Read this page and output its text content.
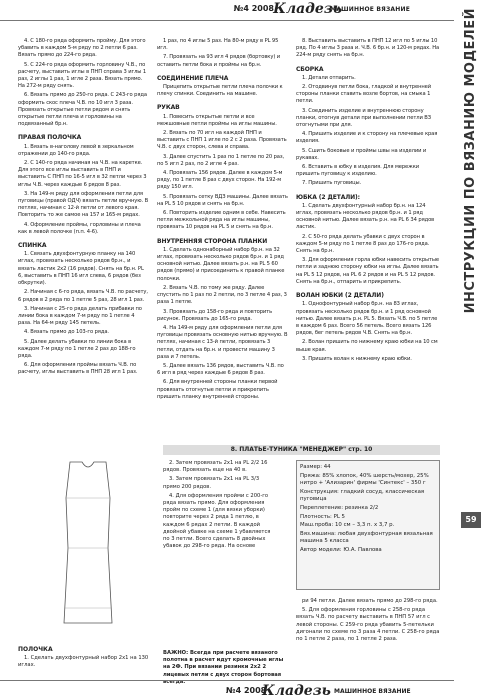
№4 2008 Кладезь
МАШИННОЕ ВЯЗАНИЕ	ИНСТРУКЦИИ ПО ВЯЗАНИЮ МОДЕЛЕЙ
59

4. С 180-го ряда оформить пройму. Для этого убавить в каждом 5-м ряду по 2 петли 6 раз. Вязать прямо до 224-го ряда.

5. С 224-го ряда оформить горловину Ч.В., по расчету, выставить иглы в ПНП справа 3 иглы 1 раз, 2 иглы 1 раз, 1 игле 2 раза. Вязать прямо. На 272-м ряду снять.

6. Вязать прямо до 250-го ряда. С 243-го ряда оформить скос плеча Ч.В. по 10 игл 3 раза. Провязать открытые петли рядом и снять открытые петли плеча и горловины на подвязанный бр.н.

ПРАВАЯ ПОЛОЧКА

1. Вязать в-наголову левой в зеркальном отражении до 140-го ряда.

2. С 140-го ряда начиная на Ч.В. на каретке. Для этого все иглы выставить в ПНП и выставить С ПНП по 16-5 игл в 32 петли через 3 иглы Ч.В. через каждые 6 рядов 8 раз.

3. На 149-м ряду для оформления петли для пуговицы (правой ОДЧ) вязать петли вручную. В петлях, начиная с 12-й петли от левого края. Повторить то же самое на 157 и 165-м рядах.

4. Оформление проймы, горловины и плеча как в левой полочке (п.п. 4-6).

СПИНКА

1. Связать двухфонтурную планку на 140 иглах, провязать несколько рядов бр.н., и вязать ластик 2x2 (16 рядов). Снять на бр.н. РL 6, выставить в ПНП 16 игл слева, 6 рядов (без обкрутки).

2. Начиная с 6-го ряда, вязать Ч.В. по расчету, 6 рядов в 2 ряда по 1 петле 5 раз, 28 игл 1 раз.

3. Начиная с 25-го ряда делать прибавки по линии бока в каждом 7-м ряду по 1 петле 4 раза. На 64-м ряду 145 петель.

4. Вязать прямо до 103-го ряда.

5. Далее делать убавки по линии бока в каждом 7-м ряду по 1 петле 2 раз до 188-го ряда.

6. Для оформления проймы вязать Ч.В. по расчету, иглы выставить в ПНП 28 игл 1 раз.

1 раз, по 4 иглы 5 раз. На 80-м ряду в РL 95 игл.

7. Провязать на 93 игл 4 рядов (бортовку) и оставить петли бока и проймы на бр.н.

СОЕДИНЕНИЕ ПЛЕЧА

Прицепить открытые петли плеча полочки к плечу спинки. Соединить на машине.

РУКАВ

1. Повесить открытые петли и все межшовные петли проймы на иглы машины.

2. Вязать по 70 игл на каждой ПНП и выставить с ПНП 1 игле по 2 с 2 раза. Провязать Ч.В. с двух сторон, слева и справа.

3. Далее спустить 1 раз по 1 петле по 20 раз, по 5 игл 2 раз, по 2 игле 4 раз.

4. Провязать 156 рядов. Далее в каждом 5-м ряду, по 1 петле 8 раз с двух сторон. На 192-м ряду 150 игл.

5. Провязать сетку ВДЗ машины. Далее вязать на PL 5 10 рядов и снять на бр.н.

6. Повторить изделие одним в себе. Навесить петли межкольной ряда на иглы машины, провязать 10 рядов на PL 5 и снять на бр.н.

ВНУТРЕННЯЯ СТОРОНА ПЛАНКИ

1. Сделать однонаборный набор бр.н. на 32 иглах, провязать несколько рядов бр.н. и 1 ряд основной нитью. Далее вязать р.н. на PL 5 60 рядов (прямо) и присоединить к правой планке полочки.

2. Вязать Ч.В. по тому же ряду. Далее спустить по 1 раз по 2 петли, по 3 петле 4 раз, 3 раза 1 петле.

3. Провязать до 158-го ряда и повторить рисунок. Провязать до 165-го ряда.

4. На 149-м ряду для оформления петли для пуговицы провязать основную нитью вручную. В петлях, начиная с 13-й петли, провязать 3 петли, отдать на бр.н. и провести машину 3 раза и 7 петель.

5. Далее вязать 136 рядов, выставить Ч.В. по 6 игл в ряд через каждые 6 рядов 8 раз.

6. Для внутренней стороны планки первой провязать отогнутые петли и прикрепить пришить планку внутренней стороны.

8. Выставить выставить в ПНП 12 игл по 5 иглы 10 ряд. По 4 иглы 3 раза и. Ч.В. 6 бр.н. и 120-м рядах. На 224-м ряду снять на бр.н.

СБОРКА

1. Детали отпарить.

2. Отодвинув петли бока, гладкой и внутренней стороны планки ставить возле бортов, на смыка 1 петли.

3. Соединить изделие и внутреннюю сторону планки, отогнув детали при выполнении петли ВЗ отогнутыми при для.

4. Пришить изделие и к сторону на плечевые края изделия.

5. Сшить боковые и проймы швы на изделии и рукавах.

6. Вставить в юбку в изделия. Для мережки пришить пуговицу к изделию.

7. Пришить пуговицы.

ЮБКА (2 ДЕТАЛИ):

1. Сделать двухфонтурный набор бр.н. на 124 иглах, провязать несколько рядов бр.н. и 1 ряд основной нитью. Далее вязать р.н. на PL 6 34 рядов ластик.

2. С 50-го ряда делать убавки с двух сторон в каждом 5-м ряду по 1 петле 8 раз до 176-го ряда. Снять на бр.н.

3. Для оформления горла юбки навесить открытые петли и заднюю сторону юбки на иглы. Далее вязать на PL 5 12 рядов, на PL 6 2 рядов и на PL 5 12 рядов. Снять на бр.н., отпарить и прикрепить.

ВОЛАН ЮБКИ (2 ДЕТАЛИ)

1. Однофонтурный набор бр.н. на 83 иглах, провязать несколько рядов бр.н. и 1 ряд основной нитью. Далее вязать р.н. PL 5. Вязать Ч.В. по 5 петле в каждом 6 раз. Всего 56 петель. Всего вязать 126 рядов, бег петель рядов Ч.В. Снять на бр.н.

2. Волан пришить по нижнему краю юбки на 10 см выше края.

3. Пришить волан к нижнему краю юбки.

8. ПЛАТЬЕ-ТУНИКА "МЕНЕДЖЕР" стр. 10
ПОЛОЧКА

1. Сделать двухфонтурный набор 2х1 на 130 иглах.

2. Затем провязать 2х1 на PL 2/2 16 рядов. Провязать еще на 40 в.

3. Затем провязать 2х1 на PL 3/3 прямо 200 рядов.

4. Для оформления пройми с 200-го ряда вязать прямо. Для оформления пройм по схеме 1 (для вязки уборки) повторите через 2 ряда 1 петлю, в каждом 6 рядах 2 петли. В каждой двойной убавке на схеме 1 убавляется по 3 петли. Всего сделать 8 двойных убавок до 298-го ряда. На основе

Размер: 44
Пряжа: 85% хлопок, 40% шерсть/мохер, 25% нитро + 'Ализарин' фирмы 'Синтекс' – 350 г
Конструкция: гладкий сосуд, классическая пуговица
Переплетение: резинка 2/2
Плотность: PL 5
Маш.проба: 10 см – 3,3 п. x 3,7 р.
Вяз.машина: любая двухфонтурная вязальная машина 5 класса
Автор модели: Ю.А. Павлова
ВАЖНО: Всегда при расчете вязаного полотна в расчет идут кромочные иглы на 2Ф. При вязании резинки 2х2 2 лицевых петли с двух сторон бортовая всегда.

ри 94 петли. Далее вязать прямо до 298-го ряда.

5. Для оформления горловины с 258-го ряда вязать Ч.В. по расчету выставить в ПНП 57 игл с левой стороны. С 259-го ряда убавить 5-петельки дигонали по схеме по 3 раза 4 петли. С 258-го ряда по 1 петле 2 раза, по 1 петле 2 раза.

№4 2008
Кладезь МАШИННОЕ ВЯЗАНИЕ
